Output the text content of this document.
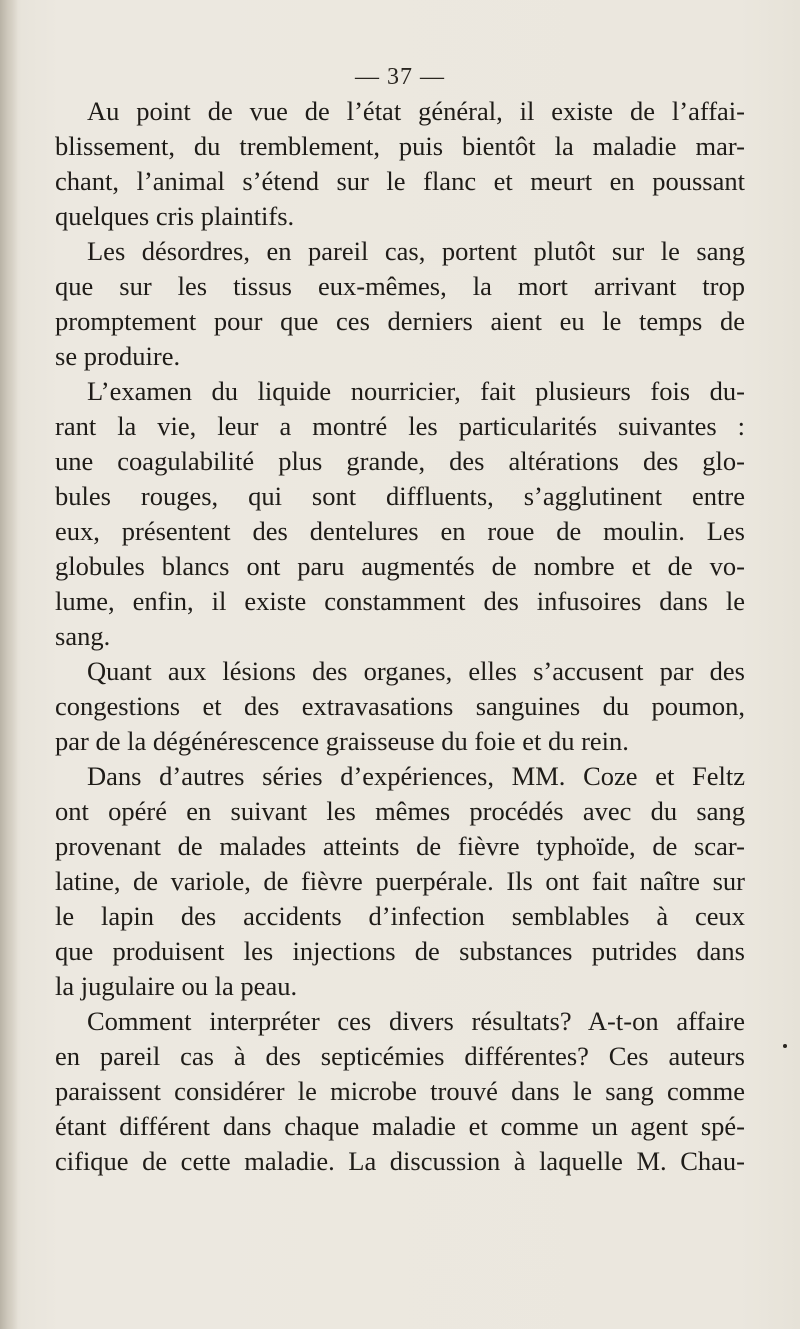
— 37 —
Au point de vue de l’état général, il existe de l’affai-
blissement, du tremblement, puis bientôt la maladie mar-
chant, l’animal s’étend sur le flanc et meurt en poussant
quelques cris plaintifs.
Les désordres, en pareil cas, portent plutôt sur le sang
que sur les tissus eux-mêmes, la mort arrivant trop
promptement pour que ces derniers aient eu le temps de
se produire.
L’examen du liquide nourricier, fait plusieurs fois du-
rant la vie, leur a montré les particularités suivantes :
une coagulabilité plus grande, des altérations des glo-
bules rouges, qui sont diffluents, s’agglutinent entre
eux, présentent des dentelures en roue de moulin. Les
globules blancs ont paru augmentés de nombre et de vo-
lume, enfin, il existe constamment des infusoires dans le
sang.
Quant aux lésions des organes, elles s’accusent par des
congestions et des extravasations sanguines du poumon,
par de la dégénérescence graisseuse du foie et du rein.
Dans d’autres séries d’expériences, MM. Coze et Feltz
ont opéré en suivant les mêmes procédés avec du sang
provenant de malades atteints de fièvre typhoïde, de scar-
latine, de variole, de fièvre puerpérale. Ils ont fait naître sur
le lapin des accidents d’infection semblables à ceux
que produisent les injections de substances putrides dans
la jugulaire ou la peau.
Comment interpréter ces divers résultats? A-t-on affaire
en pareil cas à des septicémies différentes? Ces auteurs
paraissent considérer le microbe trouvé dans le sang comme
étant différent dans chaque maladie et comme un agent spé-
cifique de cette maladie. La discussion à laquelle M. Chau-
